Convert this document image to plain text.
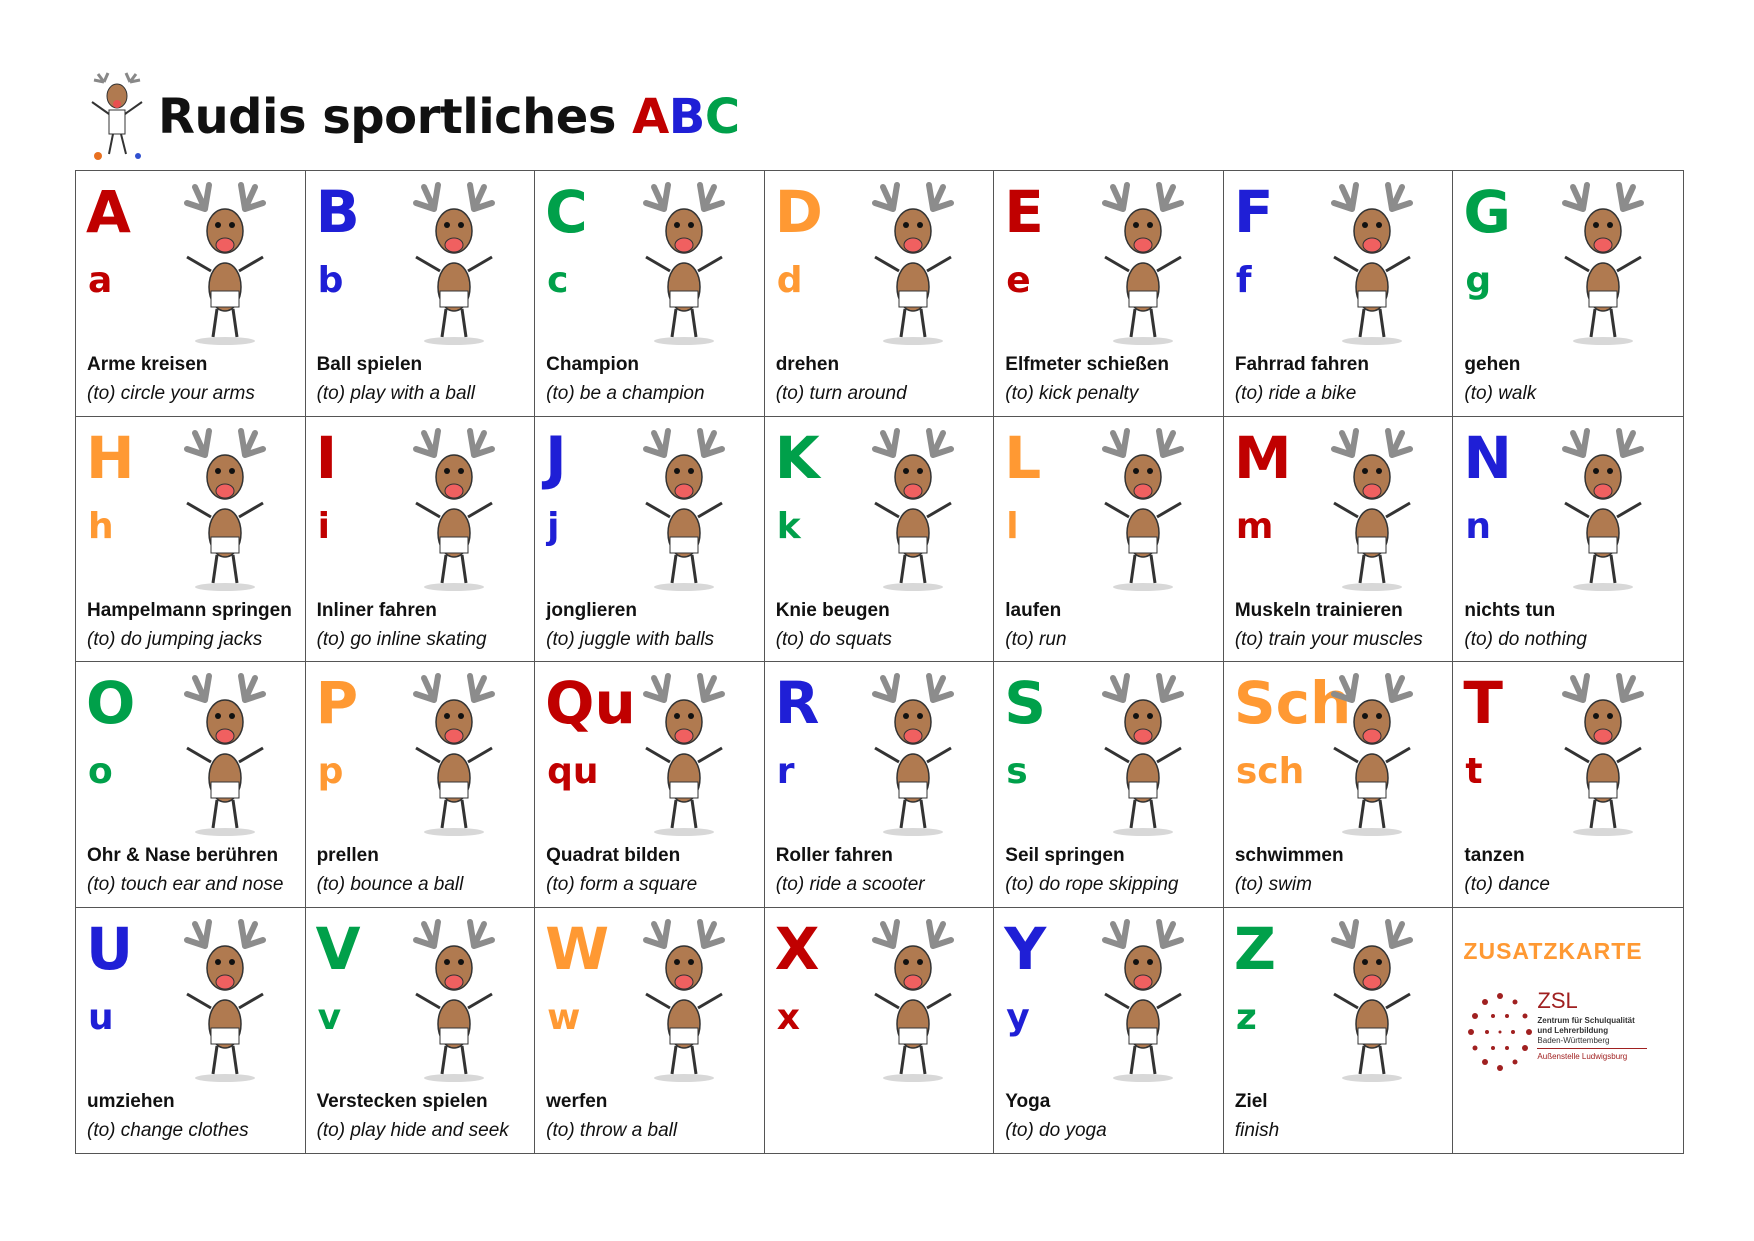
Rudis sportliches ABC
A
a
Arme kreisen
(to) circle your arms
B
b
Ball spielen
(to) play with a ball
C
c
Champion
(to) be a champion
D
d
drehen
(to) turn around
E
e
Elfmeter schießen
(to) kick penalty
F
f
Fahrrad fahren
(to) ride a bike
G
g
gehen
(to) walk
H
h
Hampelmann springen
(to) do jumping jacks
I
i
Inliner fahren
(to) go inline skating
J
j
jonglieren
(to) juggle with balls
K
k
Knie beugen
(to) do squats
L
l
laufen
(to) run
M
m
Muskeln trainieren
(to) train your muscles
N
n
nichts tun
(to) do nothing
O
o
Ohr & Nase berühren
(to) touch ear and nose
P
p
prellen
(to) bounce a ball
Qu
qu
Quadrat bilden
(to) form a square
R
r
Roller fahren
(to) ride a scooter
S
s
Seil springen
(to) do rope skipping
Sch
sch
schwimmen
(to) swim
T
t
tanzen
(to) dance
U
u
umziehen
(to) change clothes
V
v
Verstecken spielen
(to) play hide and seek
W
w
werfen
(to) throw a ball
X
x
Y
y
Yoga
(to) do yoga
Z
z
Ziel
finish
ZUSATZKARTE
ZSL
Zentrum für Schulqualität
und Lehrerbildung
Baden-Württemberg
Außenstelle Ludwigsburg
